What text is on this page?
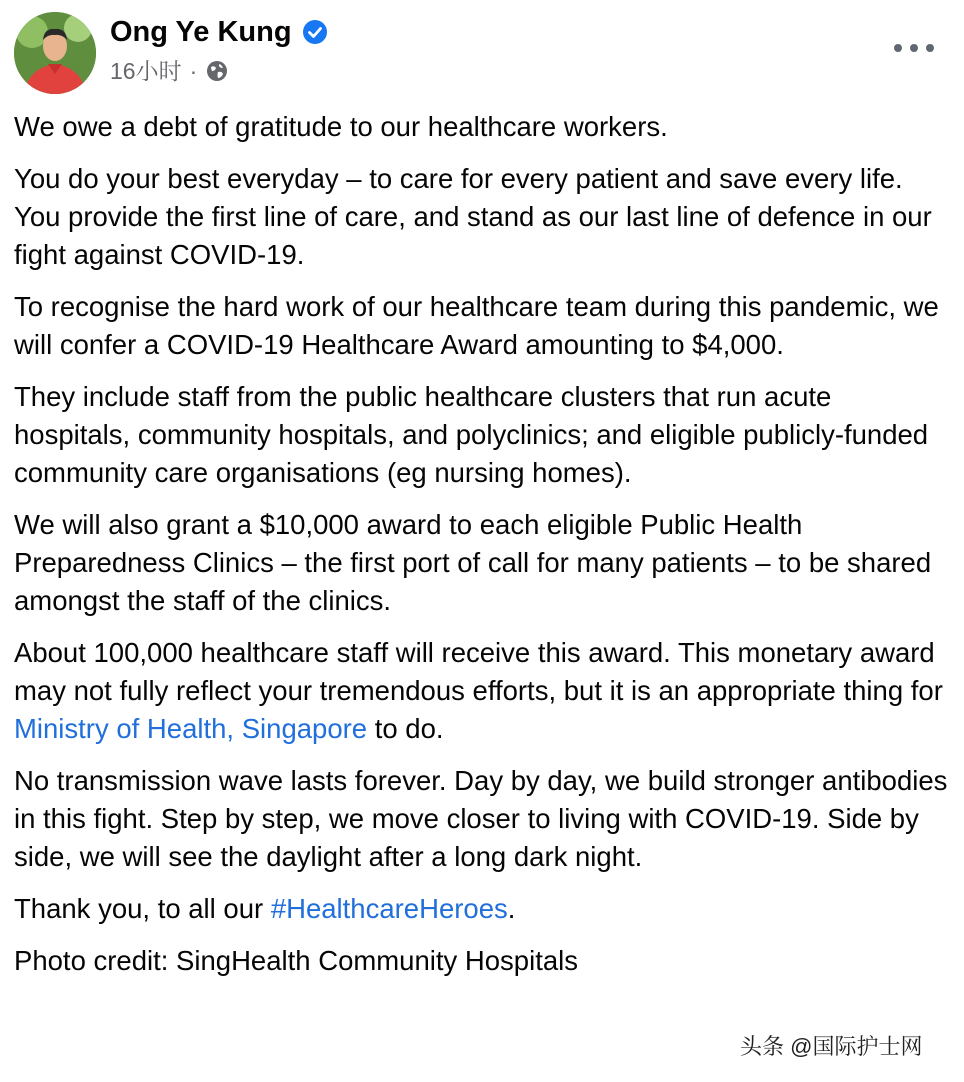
Ong Ye Kung
16小时 ·

We owe a debt of gratitude to our healthcare workers.

You do your best everyday – to care for every patient and save every life. You provide the first line of care, and stand as our last line of defence in our fight against COVID-19.

To recognise the hard work of our healthcare team during this pandemic, we will confer a COVID-19 Healthcare Award amounting to $4,000.

They include staff from the public healthcare clusters that run acute hospitals, community hospitals, and polyclinics; and eligible publicly-funded community care organisations (eg nursing homes).

We will also grant a $10,000 award to each eligible Public Health Preparedness Clinics – the first port of call for many patients – to be shared amongst the staff of the clinics.

About 100,000 healthcare staff will receive this award. This monetary award may not fully reflect your tremendous efforts, but it is an appropriate thing for Ministry of Health, Singapore to do.

No transmission wave lasts forever. Day by day, we build stronger antibodies in this fight. Step by step, we move closer to living with COVID-19. Side by side, we will see the daylight after a long dark night.

Thank you, to all our #HealthcareHeroes.

Photo credit: SingHealth Community Hospitals

头条 @国际护士网
